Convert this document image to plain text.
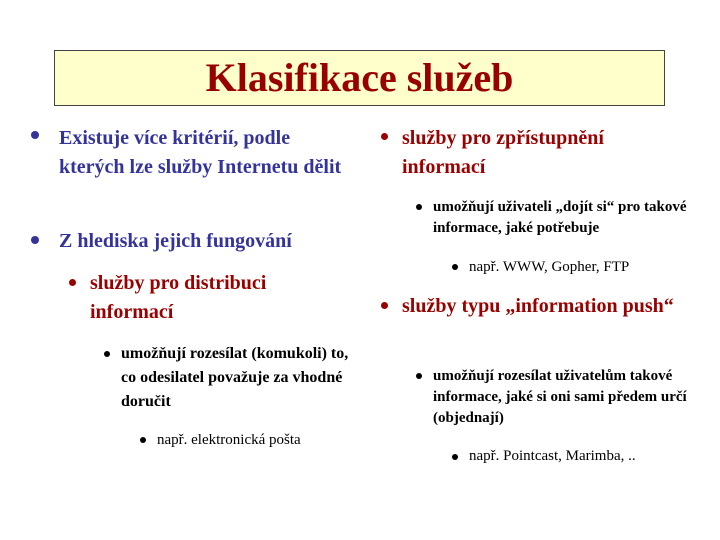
Klasifikace služeb
Existuje více kritérií, podle kterých lze služby Internetu dělit
Z hlediska jejich fungování
služby pro distribuci informací
umožňují rozesílat (komukoli) to, co odesilatel považuje za vhodné doručit
např. elektronická pošta
služby pro zpřístupnění informací
umožňují uživateli „dojít si“ pro takové informace, jaké potřebuje
např. WWW, Gopher, FTP
služby typu „information push“
umožňují rozesílat uživatelům takové informace, jaké si oni sami předem určí (objednají)
např. Pointcast, Marimba, ..
